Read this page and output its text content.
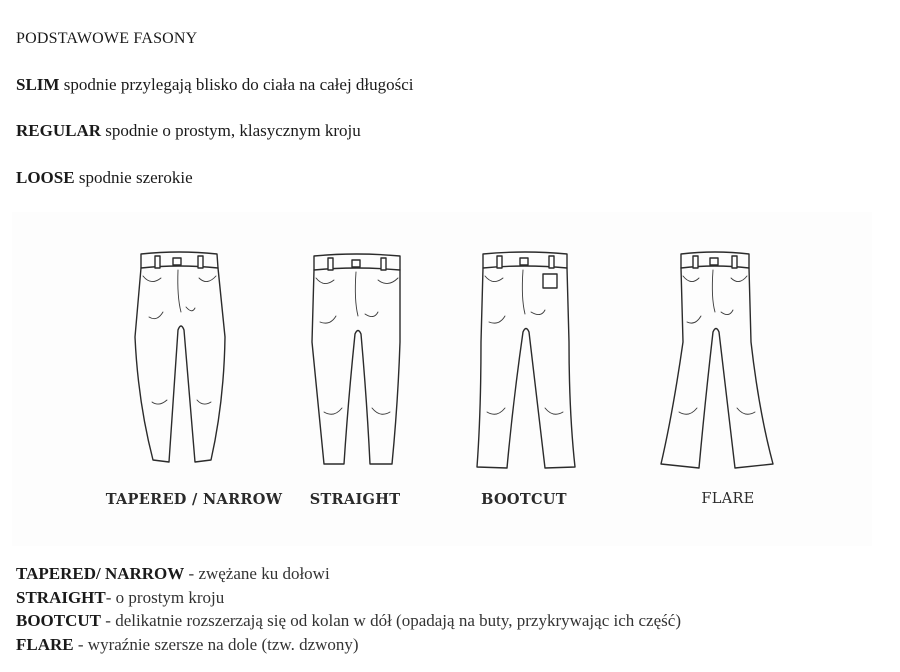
PODSTAWOWE FASONY
SLIM spodnie przylegają blisko do ciała na całej długości
REGULAR spodnie o prostym, klasycznym kroju
LOOSE spodnie szerokie
TAPERED / NARROW	STRAIGHT	BOOTCUT	FLARE
TAPERED/ NARROW - zwężane ku dołowi
STRAIGHT- o prostym kroju
BOOTCUT - delikatnie rozszerzają się od kolan w dół (opadają na buty, przykrywając ich część)
FLARE - wyraźnie szersze na dole (tzw. dzwony)
